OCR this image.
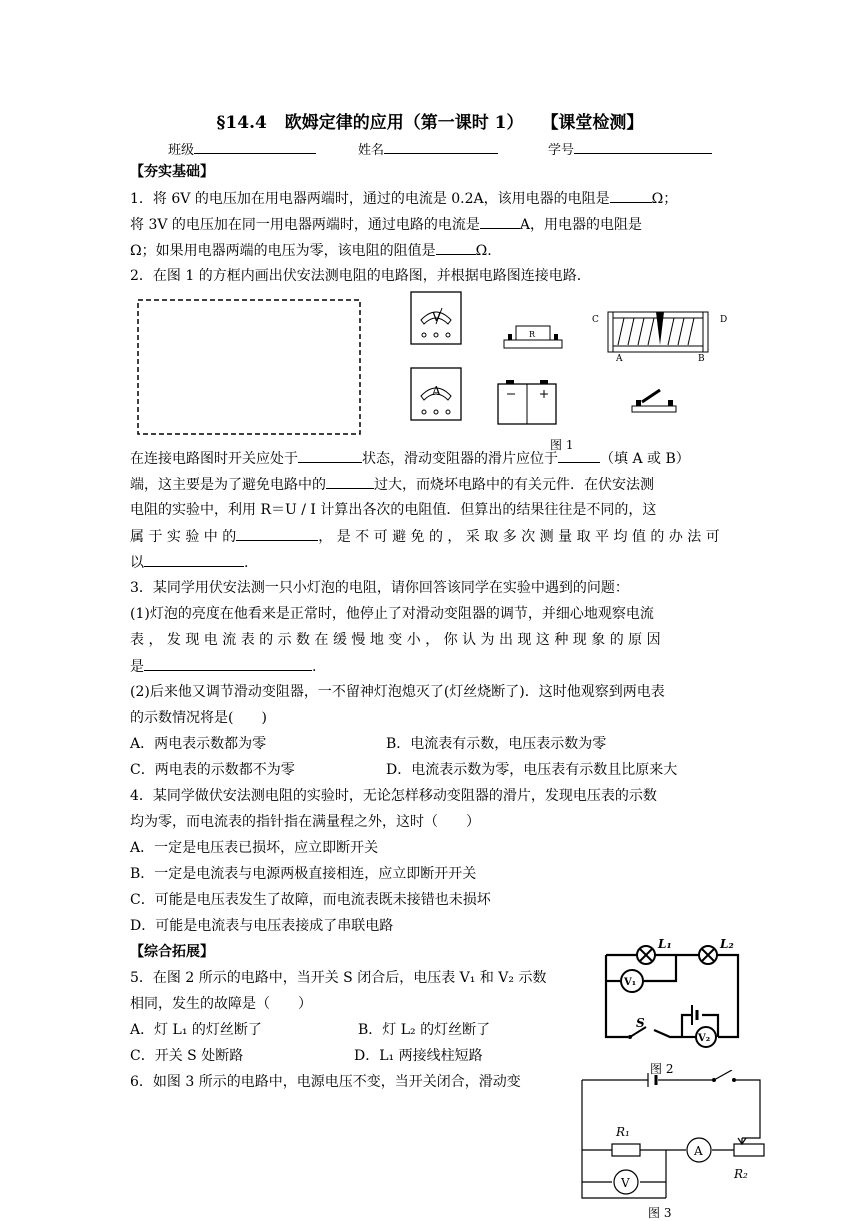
§14.4 欧姆定律的应用（第一课时 1） 【课堂检测】
班级	姓名	学号
【夯实基础】
1．将 6V 的电压加在用电器两端时，通过的电流是 0.2A，该用电器的电阻是	Ω；
将 3V 的电压加在同一用电器两端时，通过电路的电流是	A，用电器的电阻是
Ω；如果用电器两端的电压为零，该电阻的阻值是	Ω.
2．在图 1 的方框内画出伏安法测电阻的电路图，并根据电路图连接电路.
V
A
R
C	D
A	B
图 1
在连接电路图时开关应处于	状态，滑动变阻器的滑片应位于	（填 A 或 B）
端，这主要是为了避免电路中的	过大，而烧坏电路中的有关元件．在伏安法测
电阻的实验中，利用 R＝U / I 计算出各次的电阻值．但算出的结果往往是不同的，这
属 于 实 验 中 的	， 是 不 可 避 免 的 ， 采 取 多 次 测 量 取 平 均 值 的 办 法 可
以	.
3．某同学用伏安法测一只小灯泡的电阻，请你回答该同学在实验中遇到的问题：
(1)灯泡的亮度在他看来是正常时，他停止了对滑动变阻器的调节，并细心地观察电流
表 ， 发 现 电 流 表 的 示 数 在 缓 慢 地 变 小 ， 你 认 为 出 现 这 种 现 象 的 原 因
是	.
(2)后来他又调节滑动变阻器，一不留神灯泡熄灭了(灯丝烧断了)．这时他观察到两电表
的示数情况将是(　　)
A．两电表示数都为零	B．电流表有示数，电压表示数为零
C．两电表的示数都不为零	D．电流表示数为零，电压表有示数且比原来大
4．某同学做伏安法测电阻的实验时，无论怎样移动变阻器的滑片，发现电压表的示数
均为零，而电流表的指针指在满量程之外，这时（　　）
A．一定是电压表已损坏，应立即断开关
B．一定是电流表与电源两极直接相连，应立即断开开关
C．可能是电压表发生了故障，而电流表既未接错也未损坏
D．可能是电流表与电压表接成了串联电路
【综合拓展】
5．在图 2 所示的电路中，当开关 S 闭合后，电压表 V₁ 和 V₂ 示数
相同，发生的故障是（　　）
A．灯 L₁ 的灯丝断了	B．灯 L₂ 的灯丝断了
C．开关 S 处断路	D．L₁ 两接线柱短路
L₁	L₂
V₁
S
V₂
图 2
6．如图 3 所示的电路中，电源电压不变，当开关闭合，滑动变
R₁
A
V
R₂
图 3
